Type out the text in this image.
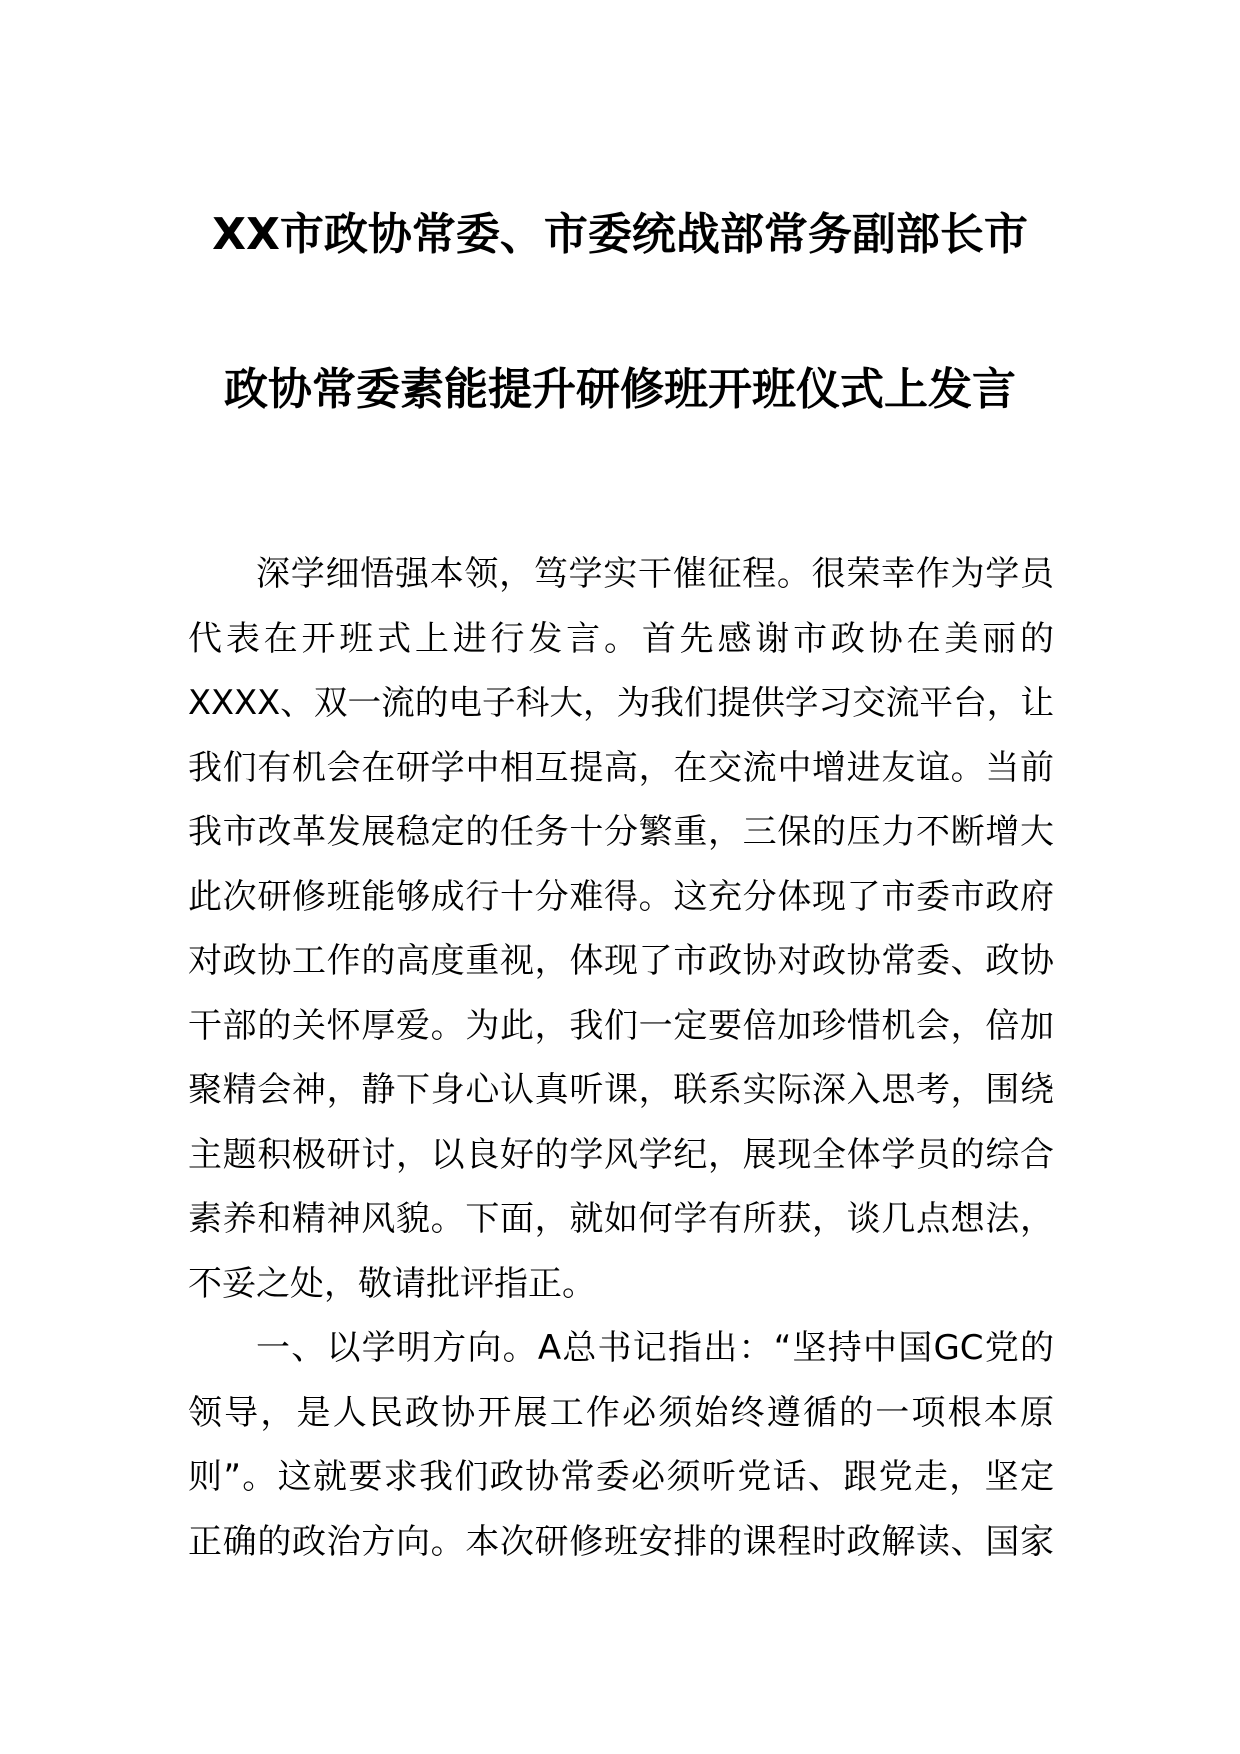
XX市政协常委、市委统战部常务副部长市
政协常委素能提升研修班开班仪式上发言
深学细悟强本领，笃学实干催征程。很荣幸作为学员
代表在开班式上进行发言。首先感谢市政协在美丽的
XXXX、双一流的电子科大，为我们提供学习交流平台，让
我们有机会在研学中相互提高，在交流中增进友谊。当前
我市改革发展稳定的任务十分繁重，三保的压力不断增大
此次研修班能够成行十分难得。这充分体现了市委市政府
对政协工作的高度重视，体现了市政协对政协常委、政协
干部的关怀厚爱。为此，我们一定要倍加珍惜机会，倍加
聚精会神，静下身心认真听课，联系实际深入思考，围绕
主题积极研讨，以良好的学风学纪，展现全体学员的综合
素养和精神风貌。下面，就如何学有所获，谈几点想法，
不妥之处，敬请批评指正。
一、以学明方向。A总书记指出：“坚持中国GC党的
领导，是人民政协开展工作必须始终遵循的一项根本原
则”。这就要求我们政协常委必须听党话、跟党走，坚定
正确的政治方向。本次研修班安排的课程时政解读、国家
